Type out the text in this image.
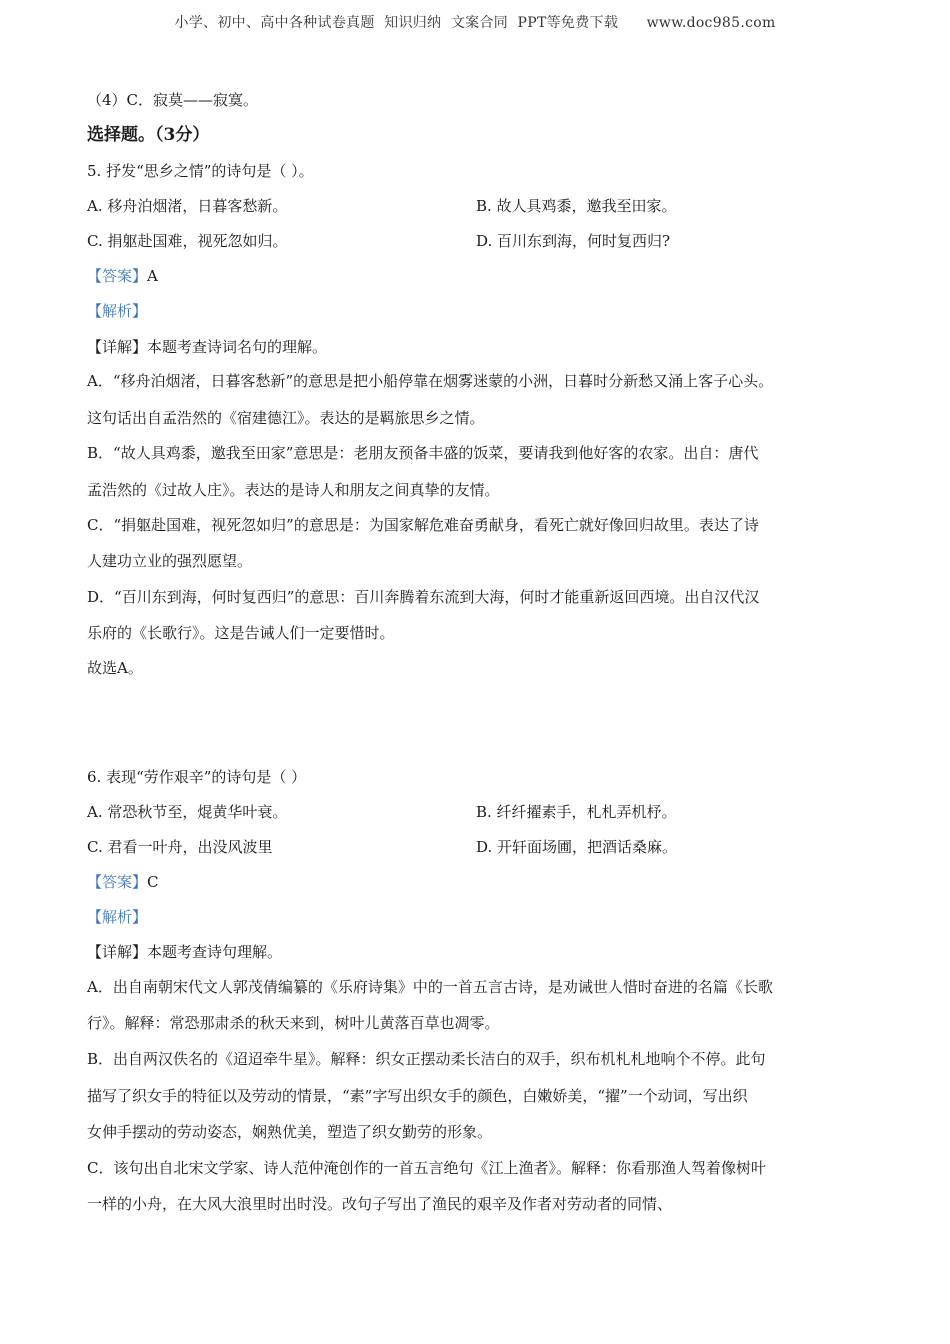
小学、初中、高中各种试卷真题  知识归纳  文案合同  PPT等免费下载      www.doc985.com
（4）C．寂莫——寂寞。
选择题。（3分）
5. 抒发“思乡之情”的诗句是（ ）。
A. 移舟泊烟渚，日暮客愁新。	B. 故人具鸡黍，邀我至田家。
C. 捐躯赴国难，视死忽如归。	D. 百川东到海，何时复西归?
【答案】A
【解析】
【详解】本题考查诗词名句的理解。
A．“移舟泊烟渚，日暮客愁新”的意思是把小船停靠在烟雾迷蒙的小洲，日暮时分新愁又涌上客子心头。
这句话出自孟浩然的《宿建德江》。表达的是羁旅思乡之情。
B．“故人具鸡黍，邀我至田家”意思是：老朋友预备丰盛的饭菜，要请我到他好客的农家。出自：唐代
孟浩然的《过故人庄》。表达的是诗人和朋友之间真挚的友情。
C．“捐躯赴国难，视死忽如归”的意思是：为国家解危难奋勇献身，看死亡就好像回归故里。表达了诗
人建功立业的强烈愿望。
D．“百川东到海，何时复西归”的意思：百川奔腾着东流到大海，何时才能重新返回西境。出自汉代汉
乐府的《长歌行》。这是告诫人们一定要惜时。
故选A。
6. 表现“劳作艰辛”的诗句是（ ）
A. 常恐秋节至，焜黄华叶衰。	B. 纤纤擢素手，札札弄机杼。
C. 君看一叶舟，出没风波里	D. 开轩面场圃，把酒话桑麻。
【答案】C
【解析】
【详解】本题考查诗句理解。
A．出自南朝宋代文人郭茂倩编纂的《乐府诗集》中的一首五言古诗，是劝诫世人惜时奋进的名篇《长歌
行》。解释：常恐那肃杀的秋天来到，树叶儿黄落百草也凋零。
B．出自两汉佚名的《迢迢牵牛星》。解释：织女正摆动柔长洁白的双手，织布机札札地响个不停。此句
描写了织女手的特征以及劳动的情景，“素”字写出织女手的颜色，白嫩娇美，“擢”一个动词，写出织
女伸手摆动的劳动姿态，娴熟优美，塑造了织女勤劳的形象。
C．该句出自北宋文学家、诗人范仲淹创作的一首五言绝句《江上渔者》。解释：你看那渔人驾着像树叶
一样的小舟，在大风大浪里时出时没。改句子写出了渔民的艰辛及作者对劳动者的同情、
